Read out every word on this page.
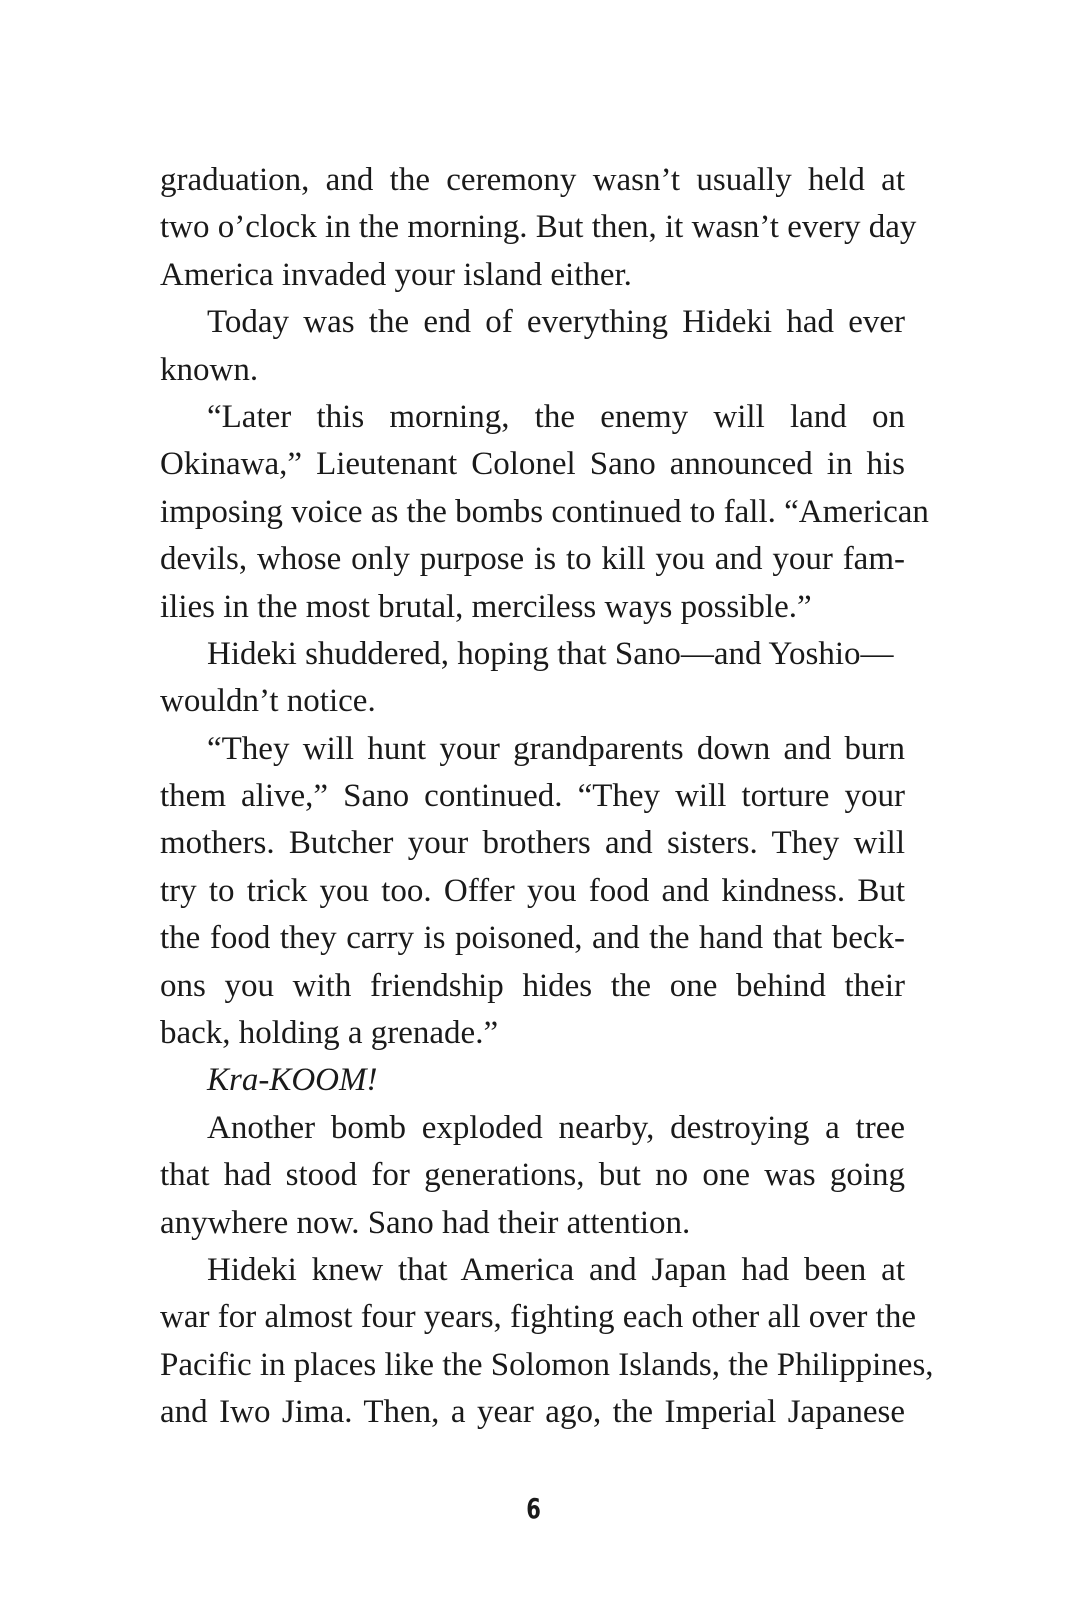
graduation, and the ceremony wasn’t usually held at
two o’clock in the morning. But then, it wasn’t every day
America invaded your island either.
Today was the end of everything Hideki had ever
known.
“Later this morning, the enemy will land on
Okinawa,” Lieutenant Colonel Sano announced in his
imposing voice as the bombs continued to fall. “American
devils, whose only purpose is to kill you and your fam-
ilies in the most brutal, merciless ways possible.”
Hideki shuddered, hoping that Sano—and Yoshio—
wouldn’t notice.
“They will hunt your grandparents down and burn
them alive,” Sano continued. “They will torture your
mothers. Butcher your brothers and sisters. They will
try to trick you too. Offer you food and kindness. But
the food they carry is poisoned, and the hand that beck-
ons you with friendship hides the one behind their
back, holding a grenade.”
Kra-KOOM!
Another bomb exploded nearby, destroying a tree
that had stood for generations, but no one was going
anywhere now. Sano had their attention.
Hideki knew that America and Japan had been at
war for almost four years, fighting each other all over the
Pacific in places like the Solomon Islands, the Philippines,
and Iwo Jima. Then, a year ago, the Imperial Japanese
6
